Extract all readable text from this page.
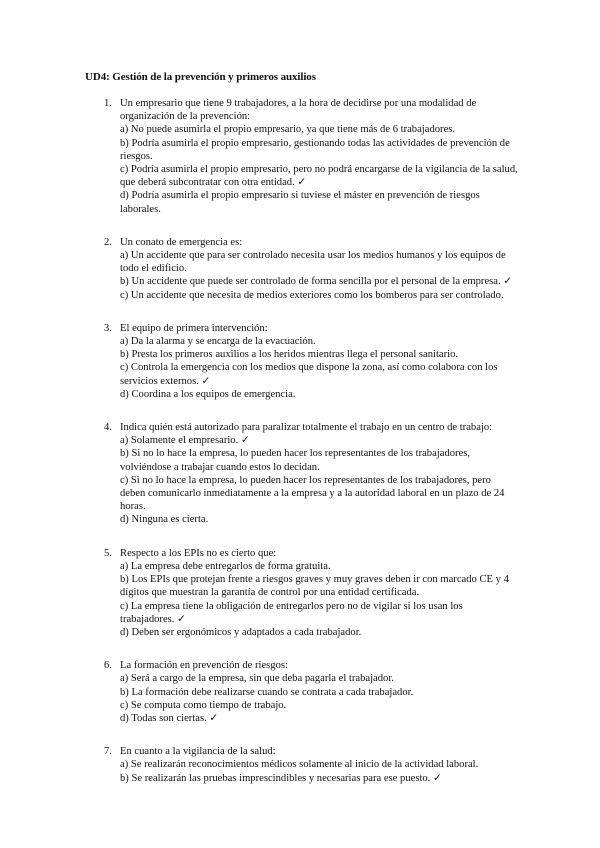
UD4: Gestión de la prevención y primeros auxilios
1. Un empresario que tiene 9 trabajadores, a la hora de decidirse por una modalidad de organización de la prevención:
a) No puede asumirla el propio empresario, ya que tiene más de 6 trabajadores.
b) Podría asumirla el propio empresario, gestionando todas las actividades de prevención de riesgos.
c) Podría asumirla el propio empresario, pero no podrá encargarse de la vigilancia de la salud, que deberá subcontratar con otra entidad. ✓
d) Podría asumirla el propio empresario si tuviese el máster en prevención de riesgos laborales.
2. Un conato de emergencia es:
a) Un accidente que para ser controlado necesita usar los medios humanos y los equipos de todo el edificio.
b) Un accidente que puede ser controlado de forma sencilla por el personal de la empresa. ✓
c) Un accidente que necesita de medios exteriores como los bomberos para ser controlado.
3. El equipo de primera intervención:
a) Da la alarma y se encarga de la evacuación.
b) Presta los primeros auxilios a los heridos mientras llega el personal sanitario.
c) Controla la emergencia con los medios que dispone la zona, así como colabora con los servicios externos. ✓
d) Coordina a los equipos de emergencia.
4. Indica quién está autorizado para paralizar totalmente el trabajo en un centro de trabajo:
a) Solamente el empresario. ✓
b) Si no lo hace la empresa, lo pueden hacer los representantes de los trabajadores, volviéndose a trabajar cuando estos lo decidan.
c) Si no lo hace la empresa, lo pueden hacer los representantes de los trabajadores, pero deben comunicarlo inmediatamente a la empresa y a la autoridad laboral en un plazo de 24 horas.
d) Ninguna es cierta.
5. Respecto a los EPIs no es cierto que:
a) La empresa debe entregarlos de forma gratuita.
b) Los EPIs que protejan frente a riesgos graves y muy graves deben ir con marcado CE y 4 dígitos que muestran la garantía de control por una entidad certificada.
c) La empresa tiene la obligación de entregarlos pero no de vigilar si los usan los trabajadores. ✓
d) Deben ser ergonómicos y adaptados a cada trabajador.
6. La formación en prevención de riesgos:
a) Será a cargo de la empresa, sin que deba pagarla el trabajador.
b) La formación debe realizarse cuando se contrata a cada trabajador.
c) Se computa como tiempo de trabajo.
d) Todas son ciertas. ✓
7. En cuanto a la vigilancia de la salud:
a) Se realizarán reconocimientos médicos solamente al inicio de la actividad laboral.
b) Se realizarán las pruebas imprescindibles y necesarias para ese puesto. ✓
